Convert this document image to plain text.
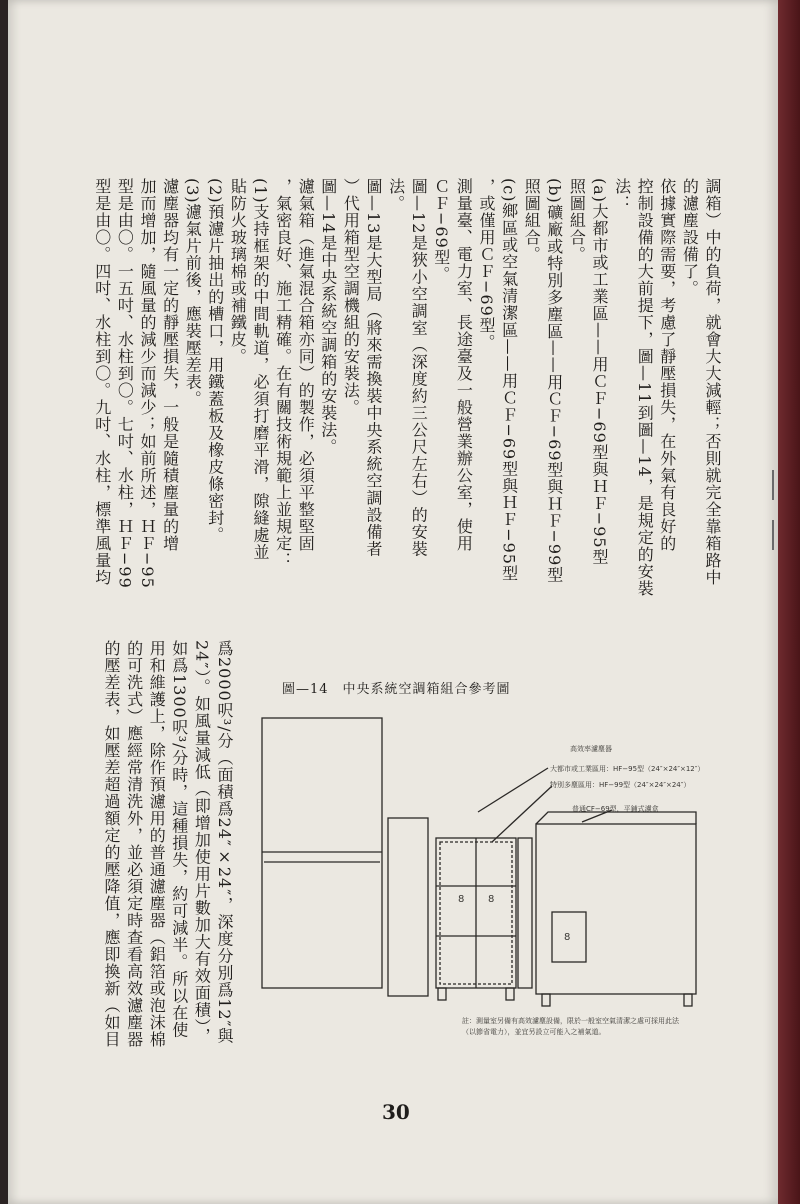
調箱）中的負荷，就會大大減輕；否則就完全靠箱路中
的濾塵設備了。
依據實際需要，考慮了靜壓損失，在外氣有良好的
控制設備的大前提下，圖—11到圖—14，是規定的安裝
法：
(a)大都市或工業區——用ＣＦ−69型與ＨＦ−95型
照圖組合。
(b)礦廠或特別多塵區——用ＣＦ−69型與ＨＦ−99型
照圖組合。
(c)鄉區或空氣清潔區——用ＣＦ−69型與ＨＦ−95型
，或僅用ＣＦ−69型。
測量臺、電力室、長途臺及一般營業辦公室，使用
ＣＦ−69型。
圖—12是狹小空調室（深度約三公尺左右）的安裝
法。
圖—13是大型局（將來需換裝中央系統空調設備者
）代用箱型空調機組的安裝法。
圖—14是中央系統空調箱的安裝法。
濾氣箱（進氣混合箱亦同）的製作，必須平整堅固
，氣密良好、施工精確。在有關技術規範上並規定：
(1)支持框架的中間軌道，必須打磨平滑，隙縫處並
貼防火玻璃棉或補鐵皮。
(2)預濾片抽出的槽口，用鐵蓋板及橡皮條密封。
(3)濾氣片前後，應裝壓差表。
濾塵器均有一定的靜壓損失，一般是隨積塵量的增
加而增加，隨風量的減少而減少；如前所述，ＨＦ−95
型是由〇。一五吋、水柱到〇。七吋、水柱，ＨＦ−99
型是由〇。四吋、水柱到〇。九吋、水柱，標準風量均
爲2000呎³/分（面積爲24″×24″，深度分別爲12″與
24″）。如風量減低（即增加使用片數加大有效面積），
如爲1300呎³/分時，這種損失，約可減半。所以在使
用和維護上，除作預濾用的普通濾塵器（鋁箔或泡沫棉
的可洗式）應經常清洗外，並必須定時查看高效濾塵器
的壓差表，如壓差超過額定的壓降值，應即換新（如目	圖—14　中央系統空調箱組合參考圖
高效率濾塵器
大都市或工業區用：HF−95型（24″×24″×12″）
特別多塵區用：HF−99型（24″×24″×24″）
普通CF−69型，平鋪式濾盒
8 8
8
註：測量室另備有高效濾塵設備，限於一般室空氣清潔之處可採用此法（以節省電力），並宜另設立可能入之補氣道。
30
